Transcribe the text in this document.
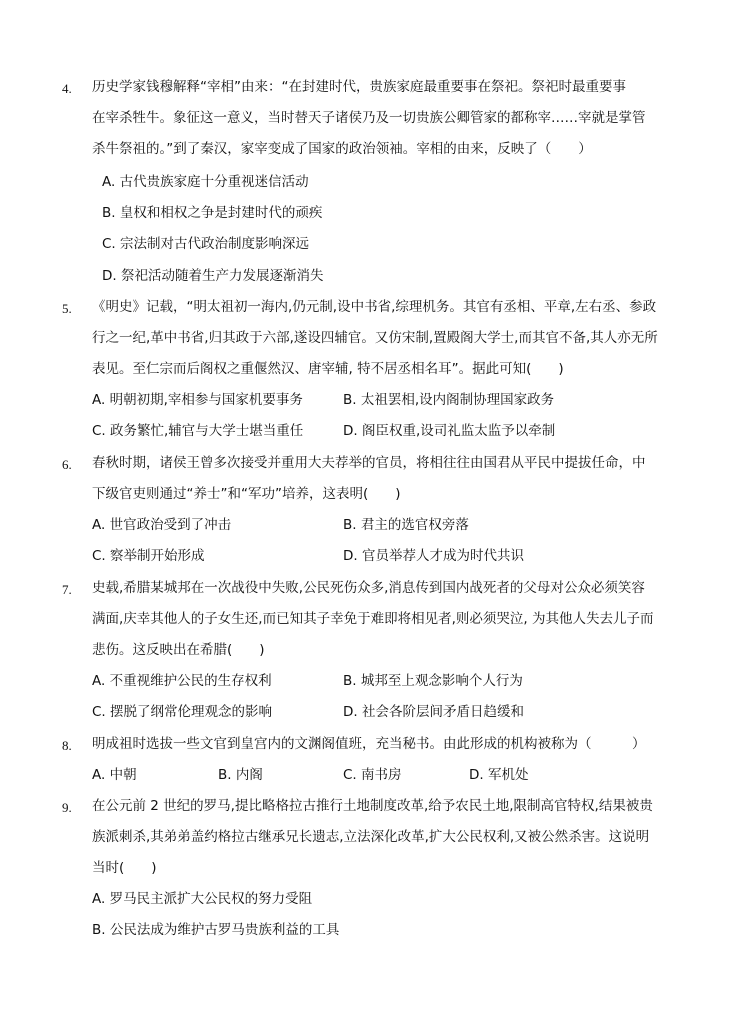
4.	历史学家钱穆解释“宰相”由来：“在封建时代，贵族家庭最重要事在祭祀。祭祀时最重要事
在宰杀牲牛。象征这一意义，当时替天子诸侯乃及一切贵族公卿管家的都称宰……宰就是掌管
杀牛祭祖的。”到了秦汉，家宰变成了国家的政治领袖。宰相的由来，反映了（　　）
A. 古代贵族家庭十分重视迷信活动
B. 皇权和相权之争是封建时代的顽疾
C. 宗法制对古代政治制度影响深远
D. 祭祀活动随着生产力发展逐渐消失
5.	《明史》记载，“明太祖初一海内,仍元制,设中书省,综理机务。其官有丞相、平章,左右丞、参政
行之一纪,革中书省,归其政于六部,遂设四辅官。又仿宋制,置殿阁大学士,而其官不备,其人亦无所
表见。至仁宗而后阁权之重偃然汉、唐宰辅, 特不居丞相名耳”。据此可知(　　)
A. 明朝初期,宰相参与国家机要事务	B. 太祖罢相,设内阁制协理国家政务
C. 政务繁忙,辅官与大学士堪当重任	D. 阁臣权重,设司礼监太监予以牵制
6.	春秋时期，诸侯王曾多次接受并重用大夫荐举的官员，将相往往由国君从平民中提拔任命，中
下级官吏则通过“养士”和“军功”培养，这表明(　　)
A. 世官政治受到了冲击	B. 君主的选官权旁落
C. 察举制开始形成	D. 官员举荐人才成为时代共识
7.	史载,希腊某城邦在一次战役中失败,公民死伤众多,消息传到国内战死者的父母对公众必须笑容
满面,庆幸其他人的子女生还,而已知其子幸免于难即将相见者,则必须哭泣, 为其他人失去儿子而
悲伤。这反映出在希腊(　　)
A. 不重视维护公民的生存权利	B. 城邦至上观念影响个人行为
C. 摆脱了纲常伦理观念的影响	D. 社会各阶层间矛盾日趋缓和
8.	明成祖时选拔一些文官到皇宫内的文渊阁值班，充当秘书。由此形成的机构被称为（　　　）
A. 中朝	B. 内阁	C. 南书房	D. 军机处
9.	在公元前 2 世纪的罗马,提比略格拉古推行土地制度改革,给予农民土地,限制高官特权,结果被贵
族派刺杀,其弟弟盖约格拉古继承兄长遗志,立法深化改革,扩大公民权利,又被公然杀害。这说明
当时(　　)
A. 罗马民主派扩大公民权的努力受阻
B. 公民法成为维护古罗马贵族利益的工具
